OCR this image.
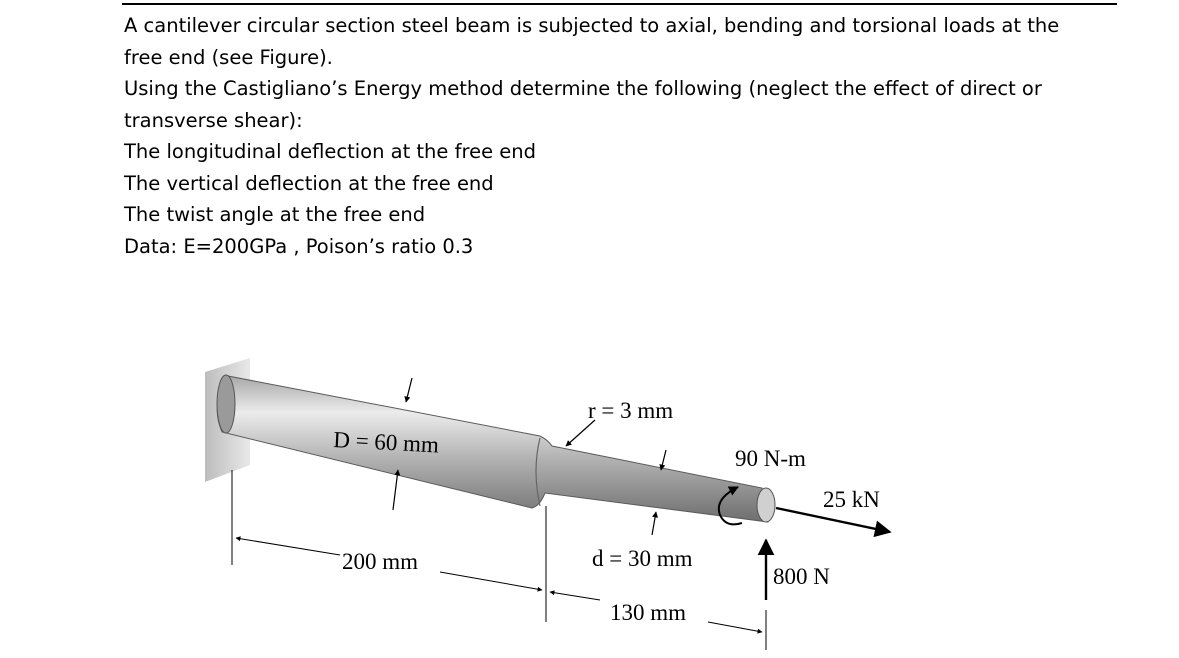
A cantilever circular section steel beam is subjected to axial, bending and torsional loads at the

free end (see Figure).

Using the Castigliano’s Energy method determine the following (neglect the effect of direct or

transverse shear):

The longitudinal deflection at the free end

The vertical deflection at the free end

The twist angle at the free end

Data: E=200GPa , Poison’s ratio 0.3

D = 60 mm
r = 3 mm
90 N-m
25 kN
d = 30 mm
800 N
200 mm
130 mm
